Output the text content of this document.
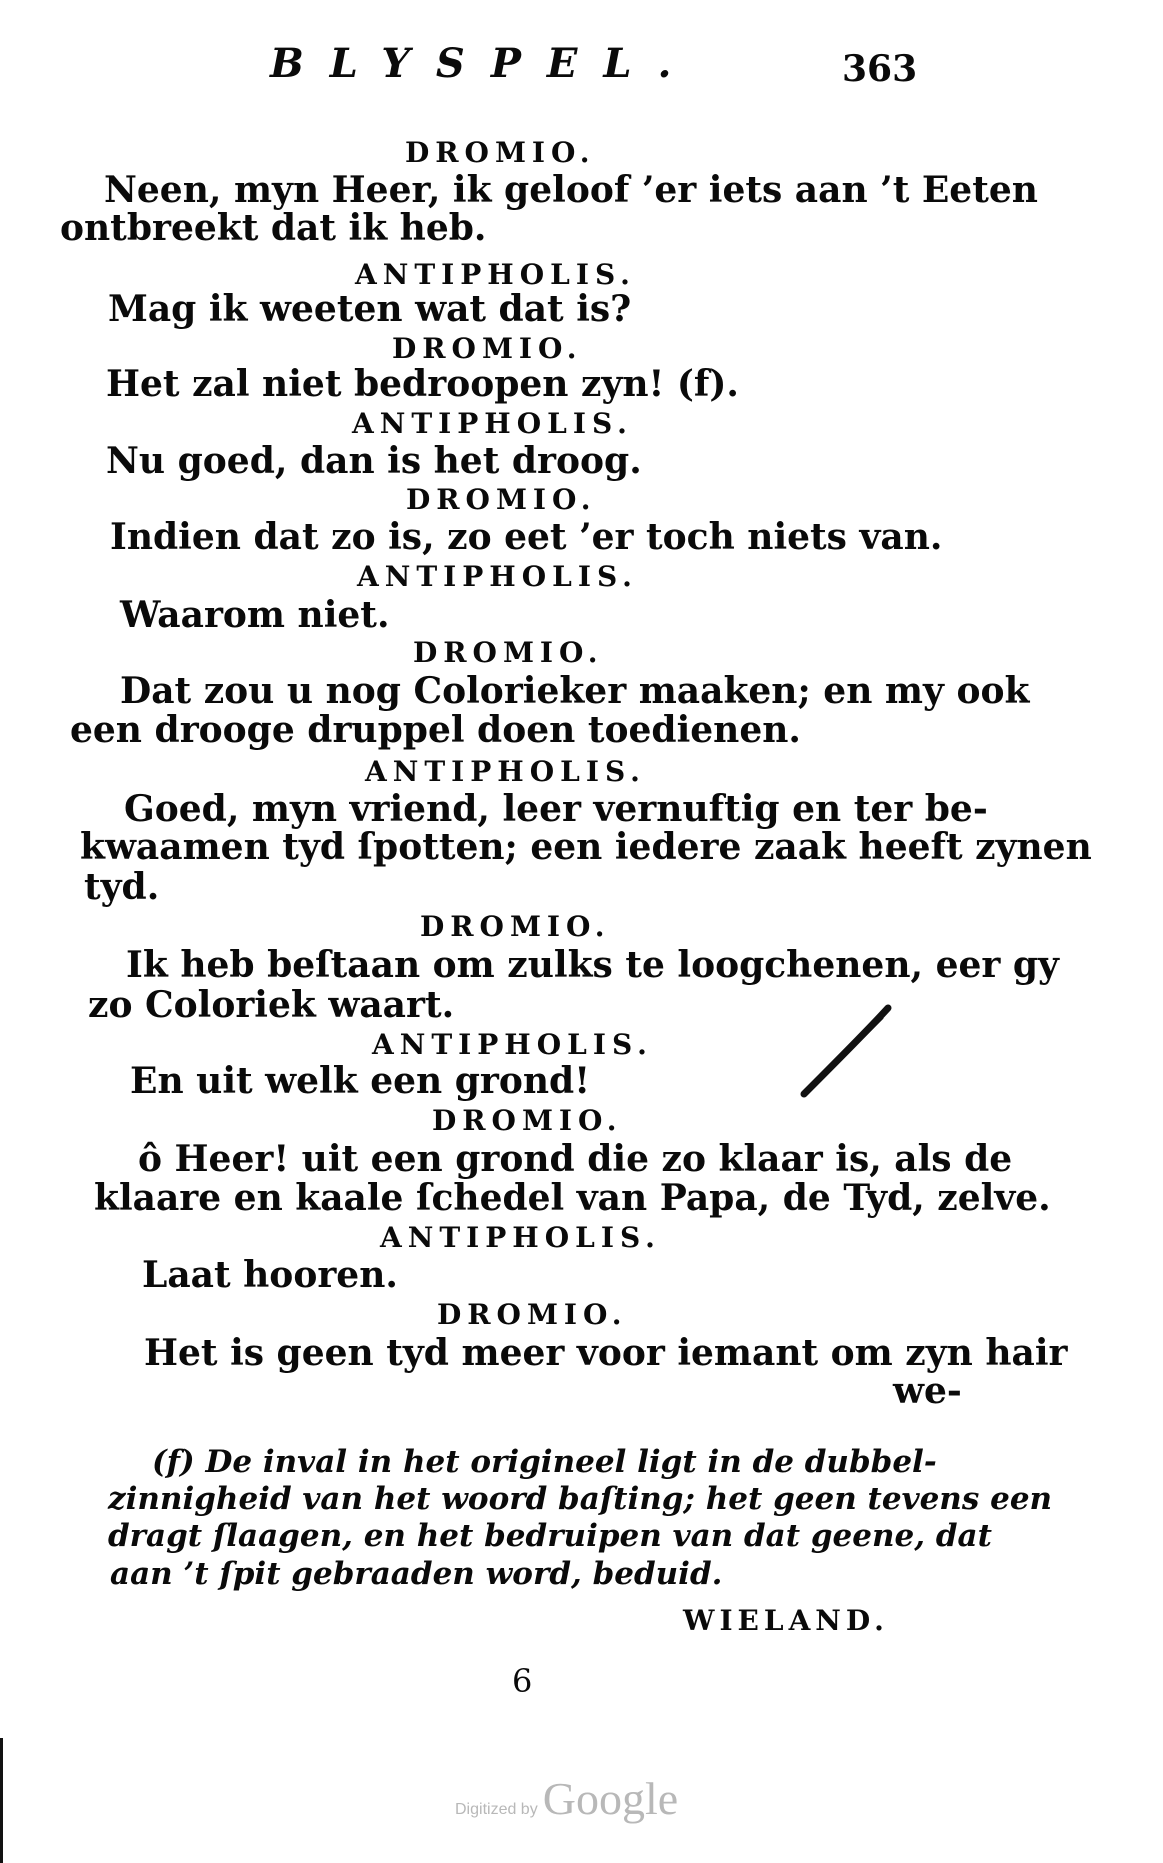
BLYSPEL.	363
DROMIO.
Neen, myn Heer, ik geloof ’er iets aan ’t Eeten
ontbreekt dat ik heb.
ANTIPHOLIS.
Mag ik weeten wat dat is?
DROMIO.
Het zal niet bedroopen zyn! (f).
ANTIPHOLIS.
Nu goed, dan is het droog.
DROMIO.
Indien dat zo is, zo eet ’er toch niets van.
ANTIPHOLIS.
Waarom niet.
DROMIO.
Dat zou u nog Colorieker maaken; en my ook
een drooge druppel doen toedienen.
ANTIPHOLIS.
Goed, myn vriend, leer vernuftig en ter be-
kwaamen tyd ſpotten; een iedere zaak heeft zynen
tyd.
DROMIO.
Ik heb beſtaan om zulks te loogchenen, eer gy
zo Coloriek waart.
ANTIPHOLIS.
En uit welk een grond!
DROMIO.
ô Heer! uit een grond die zo klaar is, als de
klaare en kaale ſchedel van Papa, de Tyd, zelve.
ANTIPHOLIS.
Laat hooren.
DROMIO.
Het is geen tyd meer voor iemant om zyn hair
we-
(f) De inval in het origineel ligt in de dubbel-
zinnigheid van het woord baſting; het geen tevens een
dragt ſlaagen, en het bedruipen van dat geene, dat
aan ’t ſpit gebraaden word, beduid.
WIELAND.
6
Digitized by Google
